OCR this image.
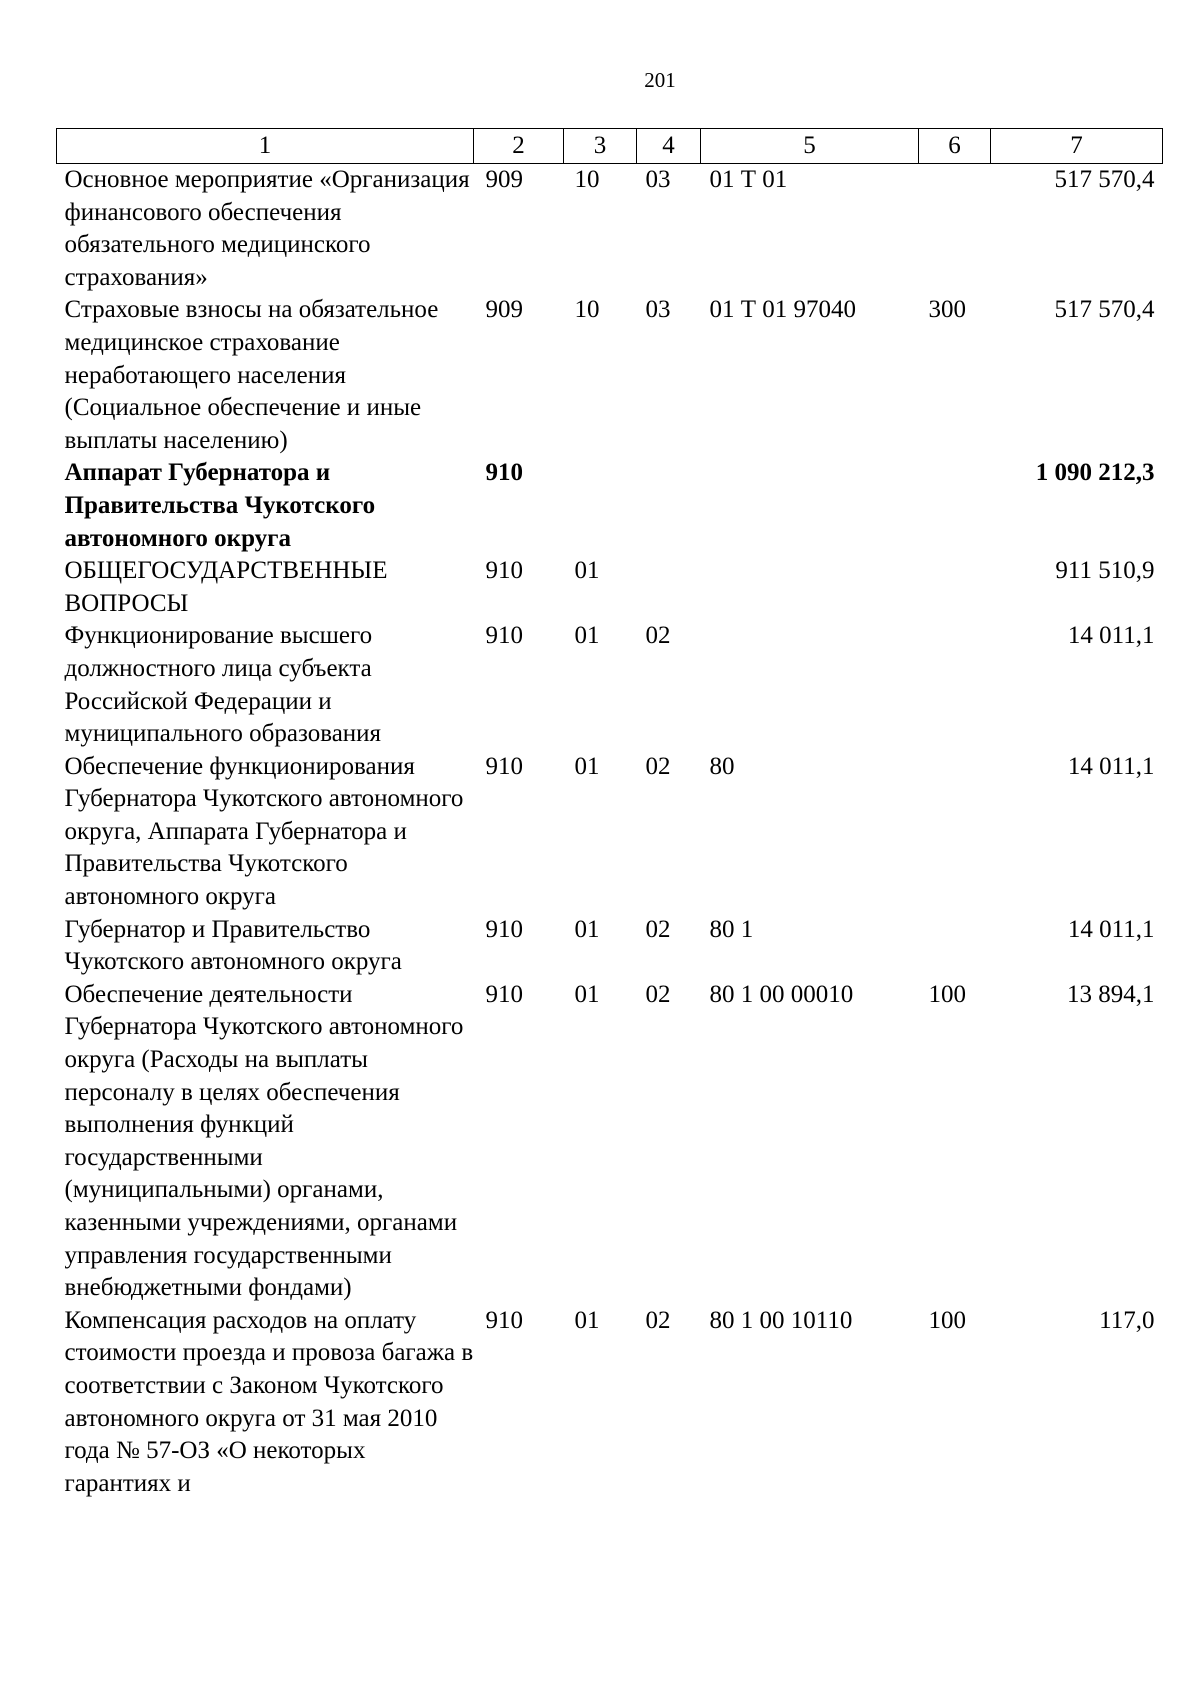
201
1	2	3	4	5	6	7
Основное мероприятие «Организация финансового обеспечения обязательного медицинского страхования»	909	10	03	01 Т 01		517 570,4
Страховые взносы на обязательное медицинское страхование неработающего населения (Социальное обеспечение и иные выплаты населению)	909	10	03	01 Т 01 97040	300	517 570,4
Аппарат Губернатора и Правительства Чукотского автономного округа	910					1 090 212,3
ОБЩЕГОСУДАРСТВЕННЫЕ ВОПРОСЫ	910	01				911 510,9
Функционирование высшего должностного лица субъекта Российской Федерации и муниципального образования	910	01	02			14 011,1
Обеспечение функционирования Губернатора Чукотского автономного округа, Аппарата Губернатора и Правительства Чукотского автономного округа	910	01	02	80		14 011,1
Губернатор и Правительство Чукотского автономного округа	910	01	02	80 1		14 011,1
Обеспечение деятельности Губернатора Чукотского автономного округа (Расходы на выплаты персоналу в целях обеспечения выполнения функций государственными (муниципальными) органами, казенными учреждениями, органами управления государственными внебюджетными фондами)	910	01	02	80 1 00 00010	100	13 894,1
Компенсация расходов на оплату стоимости проезда и провоза багажа в соответствии с Законом Чукотского автономного округа от 31 мая 2010 года № 57-ОЗ «О некоторых гарантиях и	910	01	02	80 1 00 10110	100	117,0
